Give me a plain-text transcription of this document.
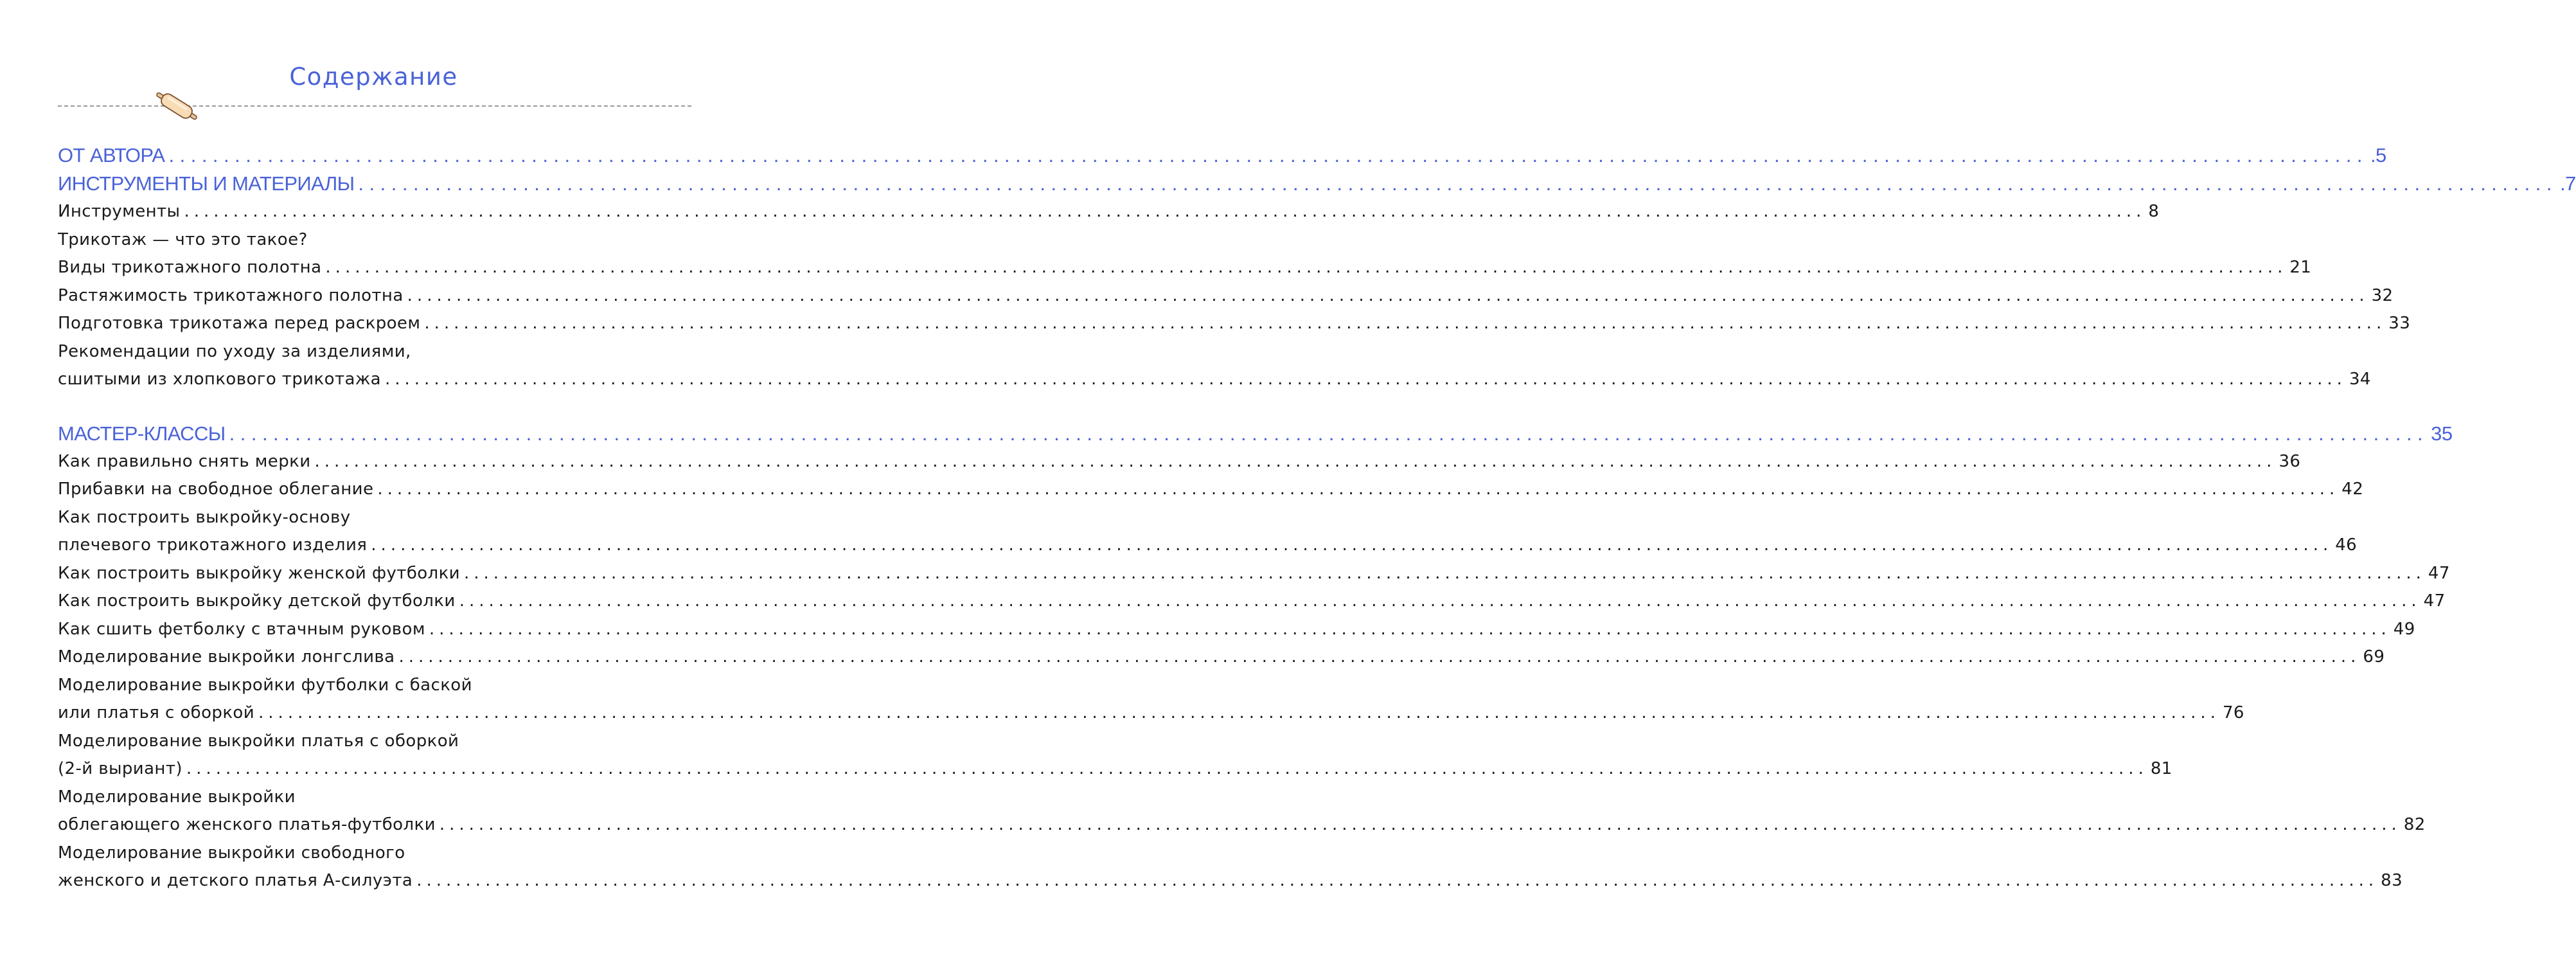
Содержание
ОТ АВТОРА ........................................................................................................................................................................................................ .5
ИНСТРУМЕНТЫ И МАТЕРИАЛЫ ........................................................................................................................................................................................................ .7
Инструменты ........................................................................................................................................................................................................ 8
Трикотаж — что это такое?
Виды трикотажного полотна ........................................................................................................................................................................................................ 21
Растяжимость трикотажного полотна ........................................................................................................................................................................................................ 32
Подготовка трикотажа перед раскроем ........................................................................................................................................................................................................ 33
Рекомендации по уходу за изделиями,
сшитыми из хлопкового трикотажа ........................................................................................................................................................................................................ 34
МАСТЕР-КЛАССЫ ........................................................................................................................................................................................................ 35
Как правильно снять мерки ........................................................................................................................................................................................................ 36
Прибавки на свободное облегание ........................................................................................................................................................................................................ 42
Как построить выкройку-основу
плечевого трикотажного изделия ........................................................................................................................................................................................................ 46
Как построить выкройку женской футболки ........................................................................................................................................................................................................ 47
Как построить выкройку детской футболки ........................................................................................................................................................................................................ 47
Как сшить фетболку с втачным руковом ........................................................................................................................................................................................................ 49
Моделирование выкройки лонгслива ........................................................................................................................................................................................................ 69
Моделирование выкройки футболки с баской
или платья с оборкой ........................................................................................................................................................................................................ 76
Моделирование выкройки платья с оборкой
(2-й выриант) ........................................................................................................................................................................................................ 81
Моделирование выкройки
облегающего женского платья-футболки ........................................................................................................................................................................................................ 82
Моделирование выкройки свободного
женского и детского платья А-силуэта ........................................................................................................................................................................................................ 83
